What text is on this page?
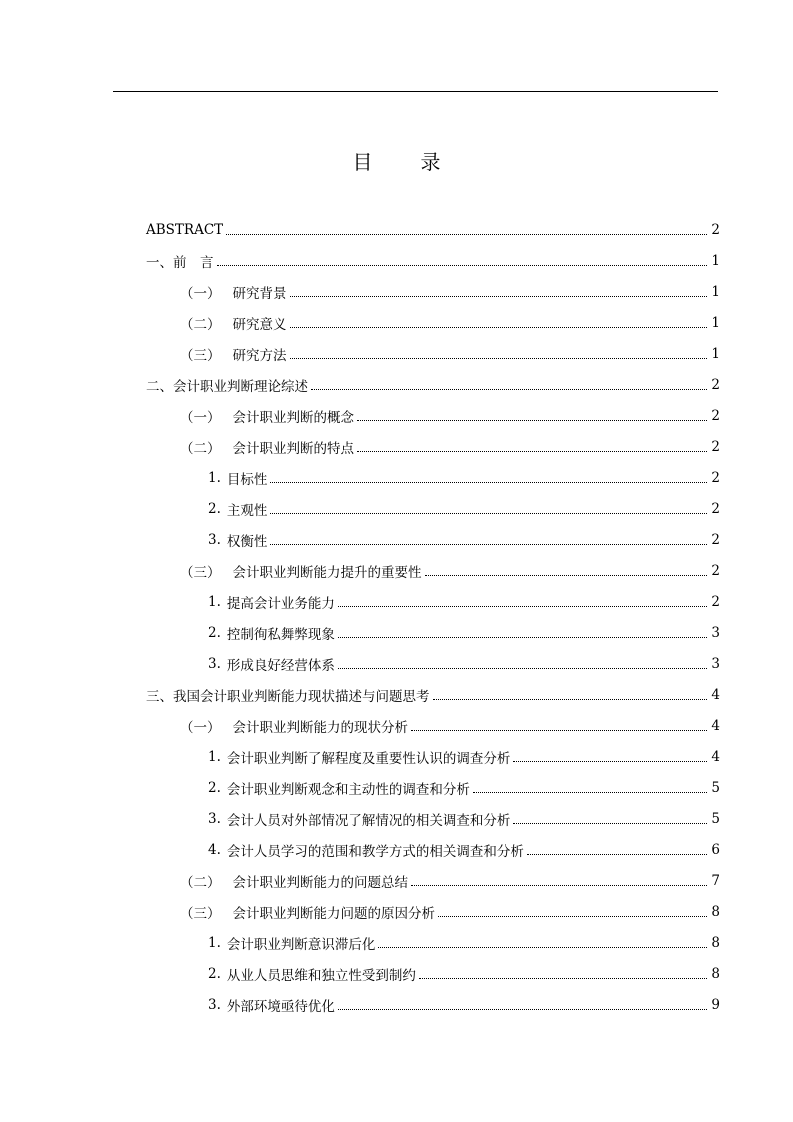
目　录
ABSTRACT	2
一、 前　言	1
（一） 研究背景	1
（二） 研究意义	1
（三） 研究方法	1
二、 会计职业判断理论综述	2
（一） 会计职业判断的概念	2
（二） 会计职业判断的特点	2
1. 目标性	2
2. 主观性	2
3. 权衡性	2
（三） 会计职业判断能力提升的重要性	2
1. 提高会计业务能力	2
2. 控制徇私舞弊现象	3
3. 形成良好经营体系	3
三、 我国会计职业判断能力现状描述与问题思考	4
（一） 会计职业判断能力的现状分析	4
1. 会计职业判断了解程度及重要性认识的调查分析	4
2. 会计职业判断观念和主动性的调查和分析	5
3. 会计人员对外部情况了解情况的相关调查和分析	5
4. 会计人员学习的范围和教学方式的相关调查和分析	6
（二） 会计职业判断能力的问题总结	7
（三） 会计职业判断能力问题的原因分析	8
1. 会计职业判断意识滞后化	8
2. 从业人员思维和独立性受到制约	8
3. 外部环境亟待优化	9
